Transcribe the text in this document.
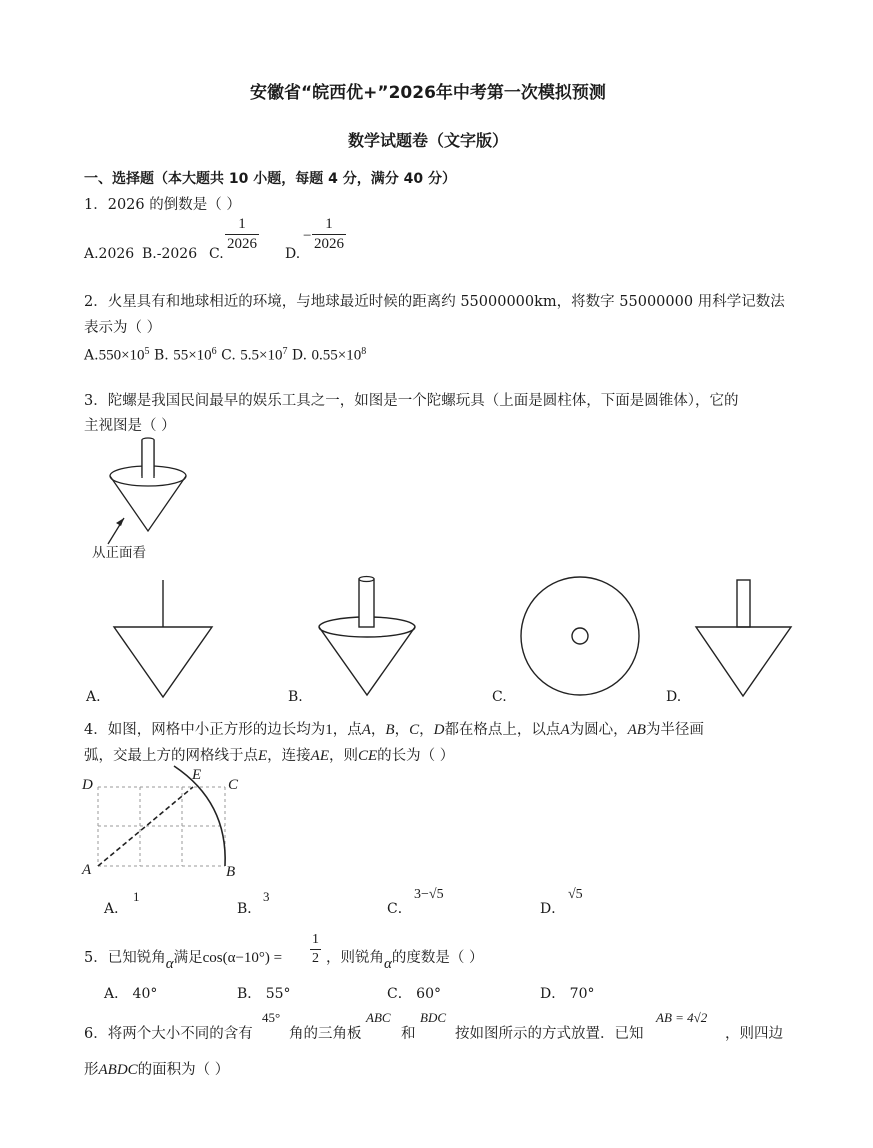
安徽省“皖西优+”2026年中考第一次模拟预测
数学试题卷（文字版）
一、选择题（本大题共 10 小题，每题 4 分，满分 40 分）
1．2026 的倒数是（ ）
A.2026 B.-2026 C.
1
2026
D.
−
1
2026
2．火星具有和地球相近的环境，与地球最近时候的距离约 55000000km，将数字 55000000 用科学记数法
表示为（ ）
$A.550\times 10^5$ B. $55\times 10^6$ C. $5.5\times 10^7$ D. $0.55\times 10^8$
3．陀螺是我国民间最早的娱乐工具之一，如图是一个陀螺玩具（上面是圆柱体，下面是圆锥体），它的
主视图是（ ）
从正面看
A.	B.	C.	D.
4．如图，网格中小正方形的边长均为1，点A，B，C，D都在格点上，以点A为圆心，AB为半径画
弧，交最上方的网格线于点E，连接AE，则CE的长为（ ）
D
E
C
A	B
A．
1
B．
3
C．
3−√5
D．
√5
5．已知锐角α满足cos(α−10°) =
1
2 ，则锐角α的度数是（ ）
A． 40°	B． 55°	C． 60°	D． 70°
6．将两个大小不同的含有
45°
角的三角板
ABC
和
BDC
按如图所示的方式放置．已知
AB = 4√2
，则四边
形ABDC的面积为（ ）
